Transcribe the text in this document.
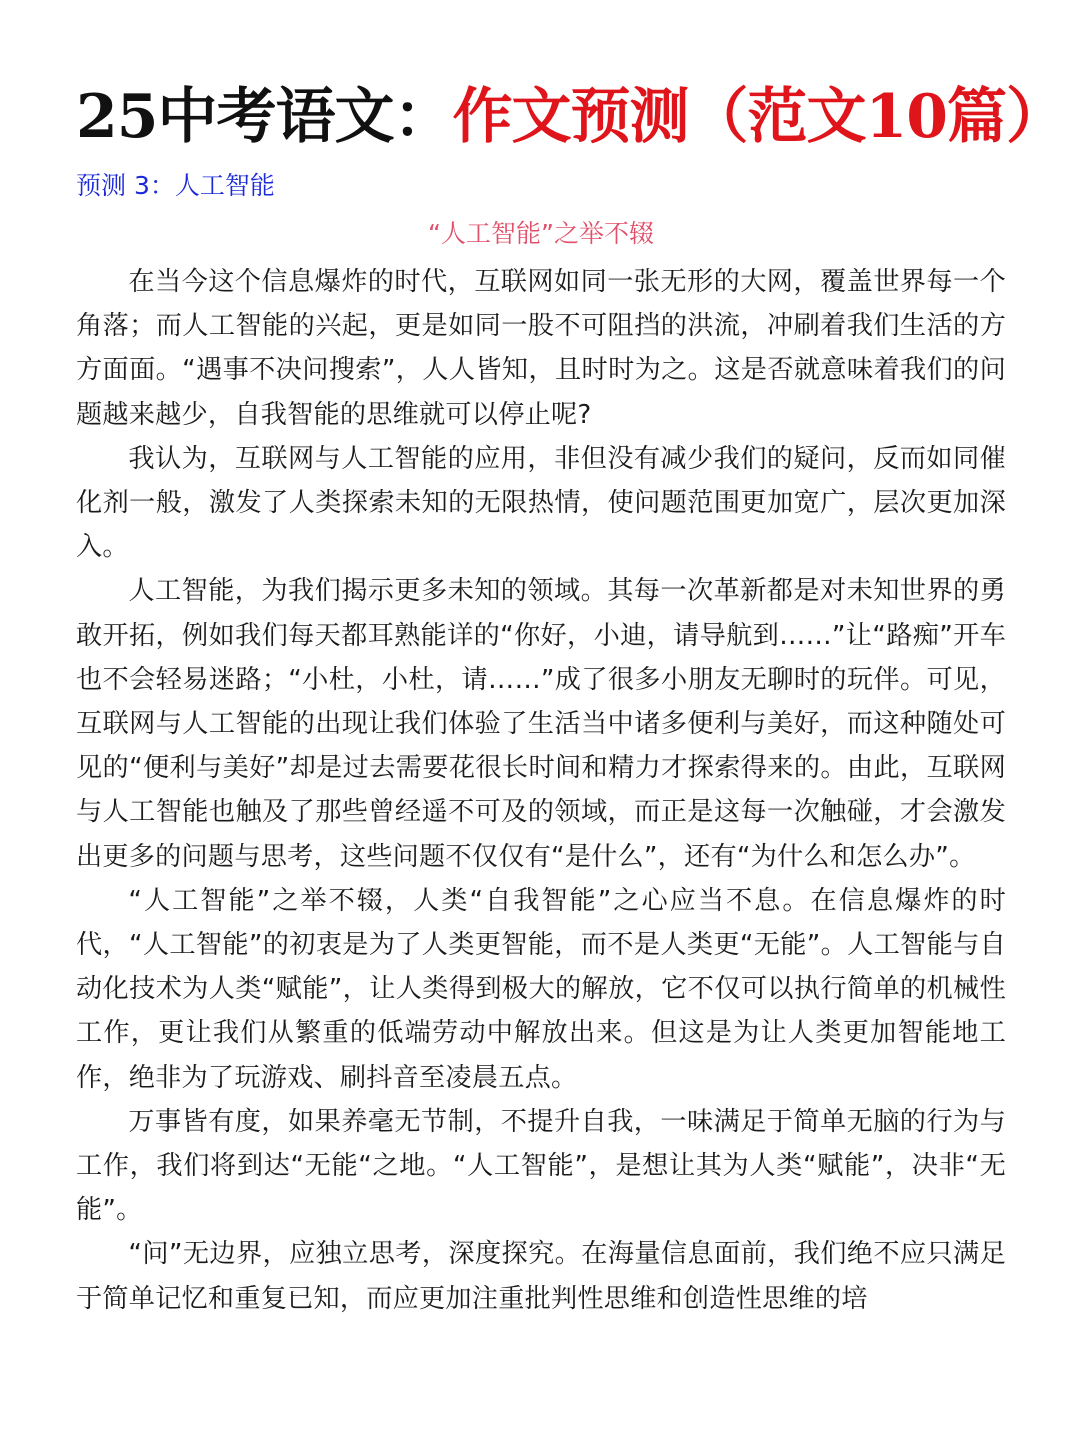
25中考语文：作文预测（范文10篇）
预测 3：人工智能
“人工智能”之举不辍

在当今这个信息爆炸的时代，互联网如同一张无形的大网，覆盖世界每一个角落；而人工智能的兴起，更是如同一股不可阻挡的洪流，冲刷着我们生活的方方面面。“遇事不决问搜索”，人人皆知，且时时为之。这是否就意味着我们的问题越来越少，自我智能的思维就可以停止呢?

我认为，互联网与人工智能的应用，非但没有减少我们的疑问，反而如同催化剂一般，激发了人类探索未知的无限热情，使问题范围更加宽广，层次更加深入。

人工智能，为我们揭示更多未知的领域。其每一次革新都是对未知世界的勇敢开拓，例如我们每天都耳熟能详的“你好，小迪，请导航到……”让“路痴”开车也不会轻易迷路；“小杜，小杜，请……”成了很多小朋友无聊时的玩伴。可见，互联网与人工智能的出现让我们体验了生活当中诸多便利与美好，而这种随处可见的“便利与美好”却是过去需要花很长时间和精力才探索得来的。由此，互联网与人工智能也触及了那些曾经遥不可及的领域，而正是这每一次触碰，才会激发出更多的问题与思考，这些问题不仅仅有“是什么”，还有“为什么和怎么办”。

“人工智能”之举不辍，人类“自我智能”之心应当不息。在信息爆炸的时代，“人工智能”的初衷是为了人类更智能，而不是人类更“无能”。人工智能与自动化技术为人类“赋能”，让人类得到极大的解放，它不仅可以执行简单的机械性工作，更让我们从繁重的低端劳动中解放出来。但这是为让人类更加智能地工作，绝非为了玩游戏、刷抖音至凌晨五点。

万事皆有度，如果养毫无节制，不提升自我，一味满足于简单无脑的行为与工作，我们将到达“无能“之地。“人工智能”，是想让其为人类“赋能”，决非“无能”。

“问”无边界，应独立思考，深度探究。在海量信息面前，我们绝不应只满足于简单记忆和重复已知，而应更加注重批判性思维和创造性思维的培
